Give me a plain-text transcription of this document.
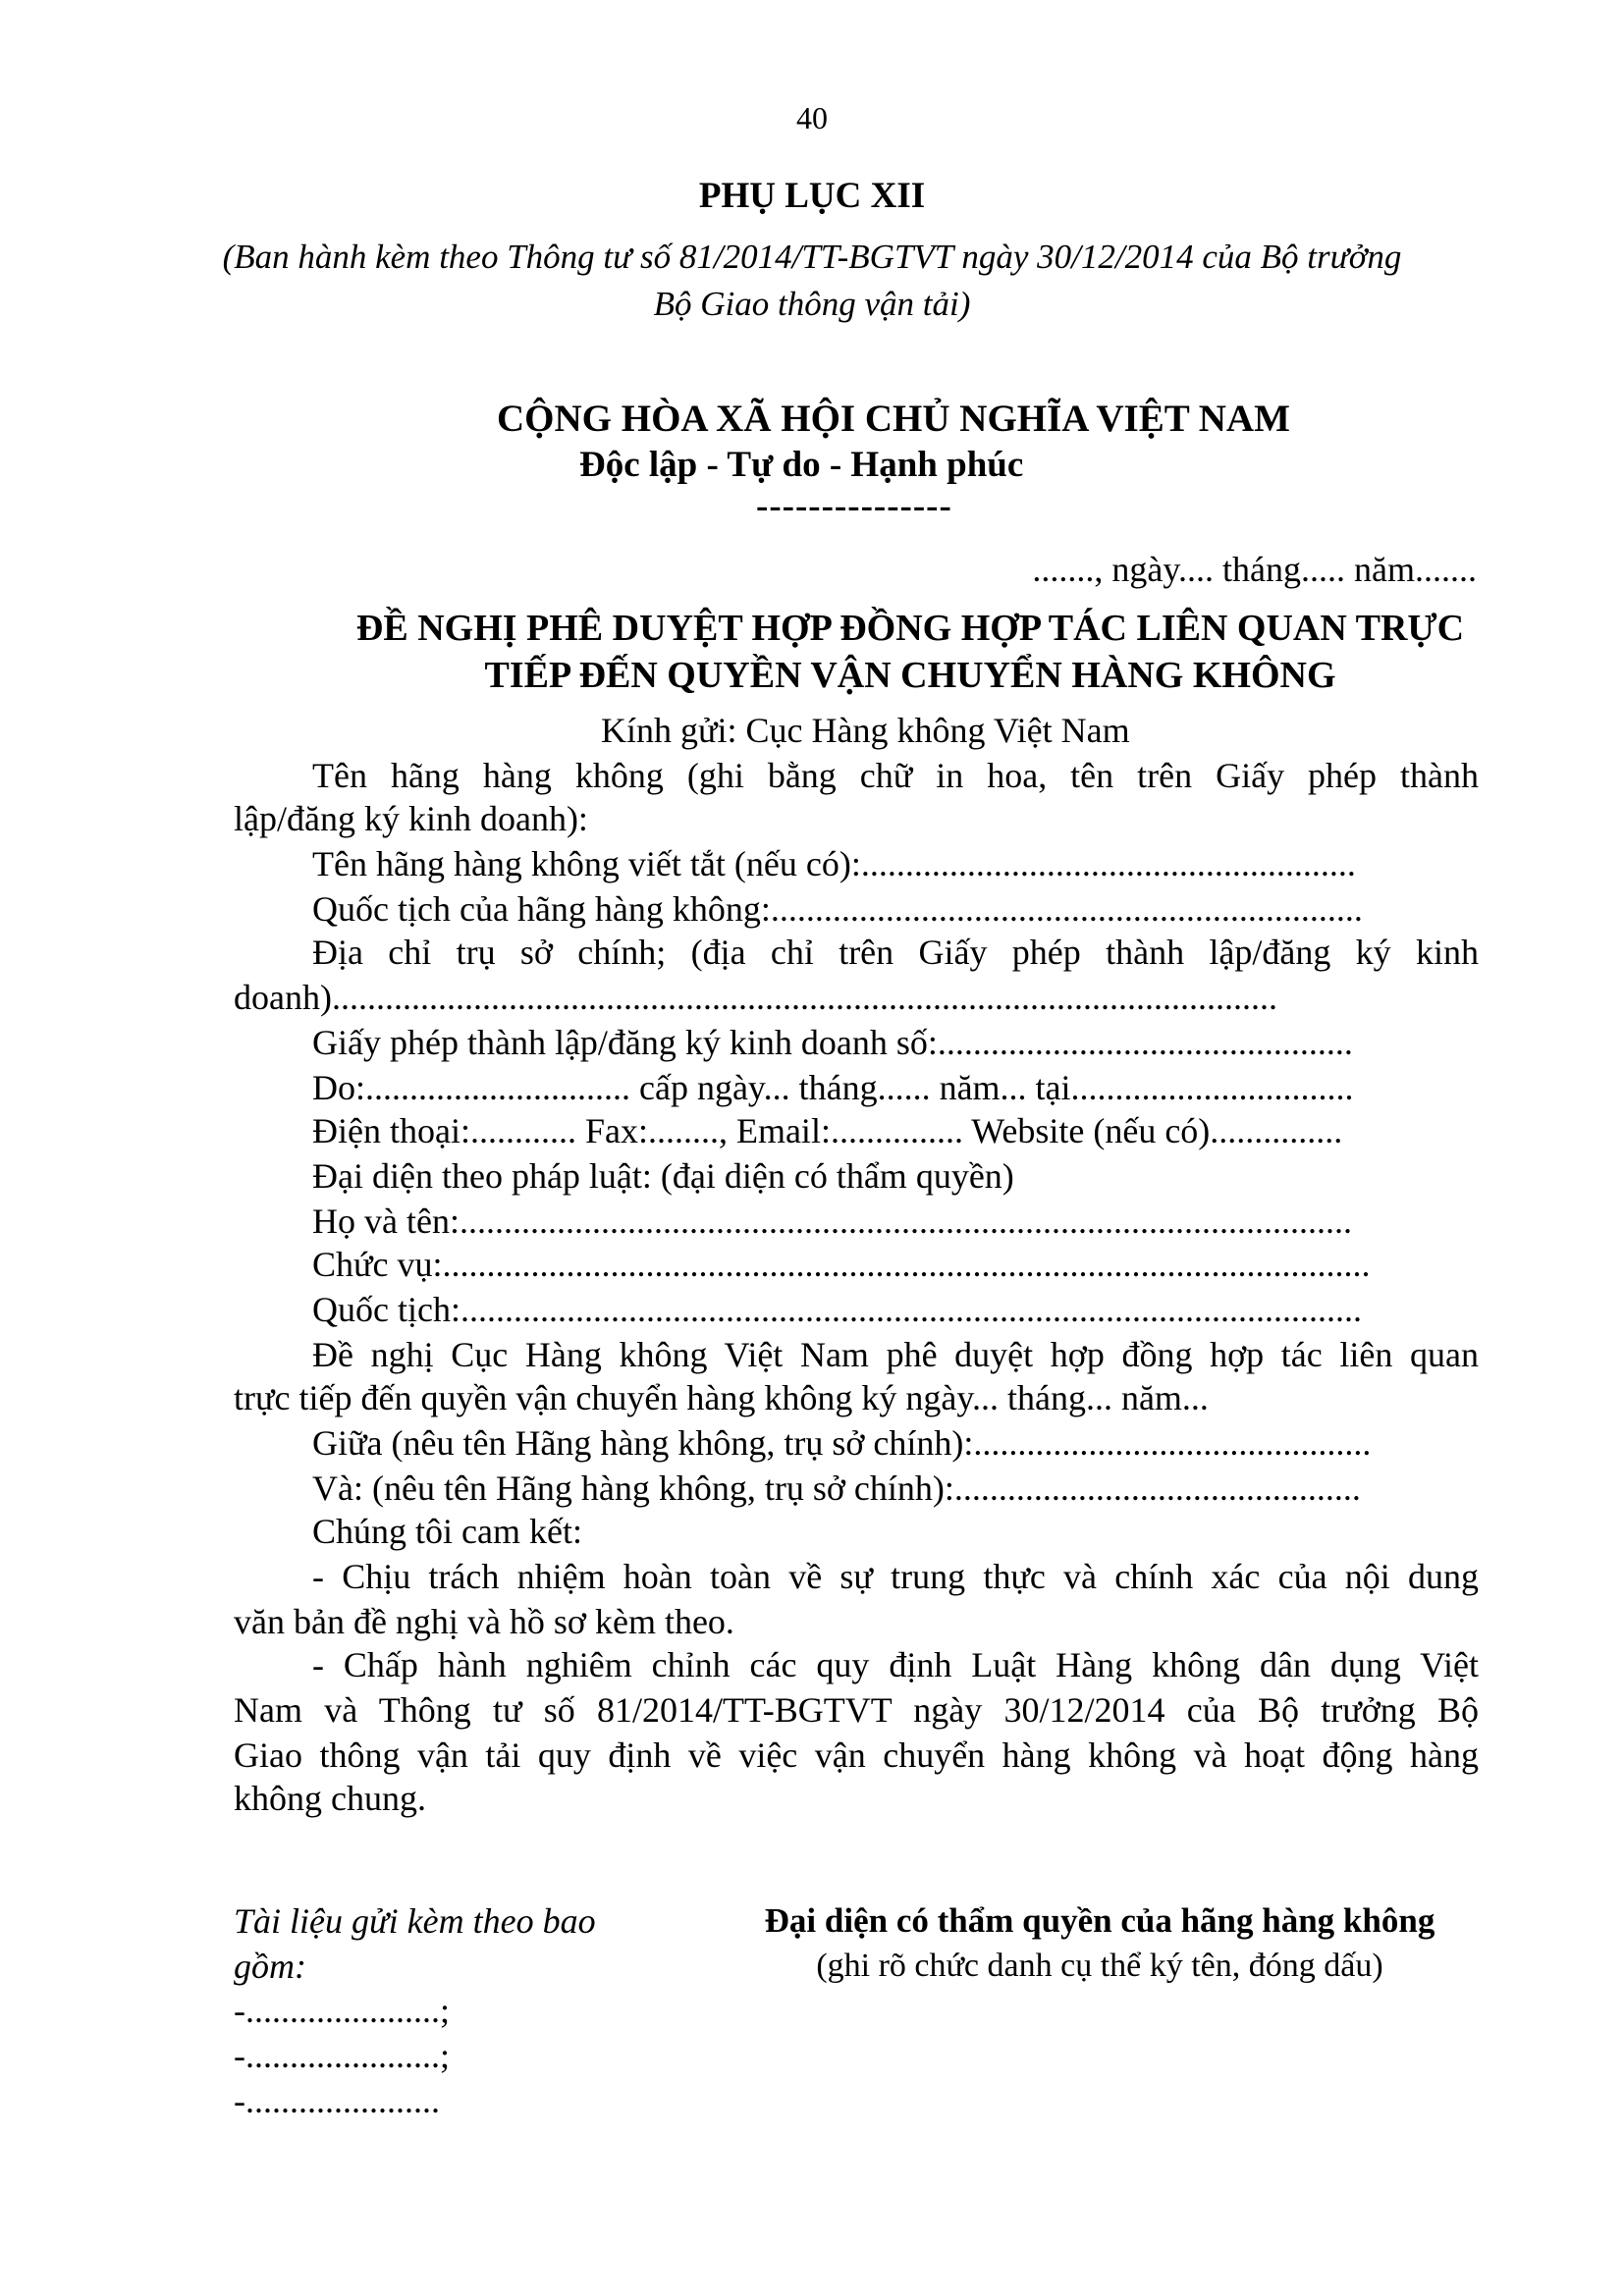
40
PHỤ LỤC XII
(Ban hành kèm theo Thông tư số 81/2014/TT-BGTVT ngày 30/12/2014 của Bộ trưởng
Bộ Giao thông vận tải)
CỘNG HÒA XÃ HỘI CHỦ NGHĨA VIỆT NAM
Độc lập - Tự do - Hạnh phúc
---------------
......., ngày.... tháng..... năm.......
ĐỀ NGHỊ PHÊ DUYỆT HỢP ĐỒNG HỢP TÁC LIÊN QUAN TRỰC
TIẾP ĐẾN QUYỀN VẬN CHUYỂN HÀNG KHÔNG
Kính gửi: Cục Hàng không Việt Nam
Tên hãng hàng không (ghi bằng chữ in hoa, tên trên Giấy phép thành
lập/đăng ký kinh doanh):
Tên hãng hàng không viết tắt (nếu có):........................................................
Quốc tịch của hãng hàng không:...................................................................
Địa chỉ trụ sở chính; (địa chỉ trên Giấy phép thành lập/đăng ký kinh
doanh)...........................................................................................................
Giấy phép thành lập/đăng ký kinh doanh số:...............................................
Do:.............................. cấp ngày... tháng...... năm... tại................................
Điện thoại:............ Fax:........, Email:............... Website (nếu có)...............
Đại diện theo pháp luật: (đại diện có thẩm quyền)
Họ và tên:.....................................................................................................
Chức vụ:.........................................................................................................
Quốc tịch:......................................................................................................
Đề nghị Cục Hàng không Việt Nam phê duyệt hợp đồng hợp tác liên quan
trực tiếp đến quyền vận chuyển hàng không ký ngày... tháng... năm...
Giữa (nêu tên Hãng hàng không, trụ sở chính):.............................................
Và: (nêu tên Hãng hàng không, trụ sở chính):..............................................
Chúng tôi cam kết:
- Chịu trách nhiệm hoàn toàn về sự trung thực và chính xác của nội dung
văn bản đề nghị và hồ sơ kèm theo.
- Chấp hành nghiêm chỉnh các quy định Luật Hàng không dân dụng Việt
Nam và Thông tư số 81/2014/TT-BGTVT ngày 30/12/2014 của Bộ trưởng Bộ
Giao thông vận tải quy định về việc vận chuyển hàng không và hoạt động hàng
không chung.
Tài liệu gửi kèm theo bao
gồm:
-......................;
-......................;
-......................
Đại diện có thẩm quyền của hãng hàng không
(ghi rõ chức danh cụ thể ký tên, đóng dấu)
